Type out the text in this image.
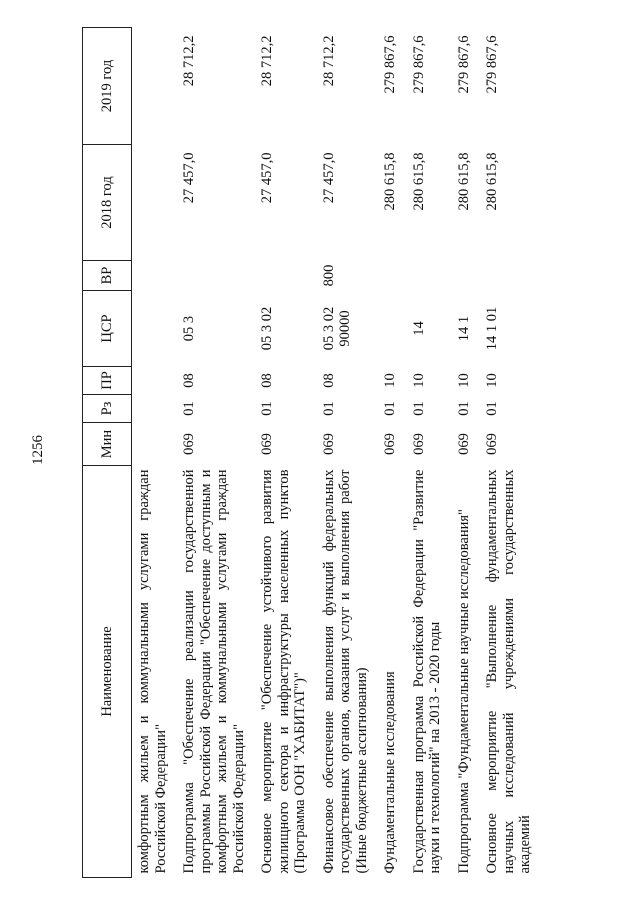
1256
Наименование	Мин	Рз	ПР	ЦСР	ВР	2018 год	2019 год
комфортным жильем и коммунальными услугами граждан Российской Федерации"							
Подпрограмма "Обеспечение реализации государственной программы Российской Федерации "Обеспечение доступным и комфортным жильем и коммунальными услугами граждан Российской Федерации"	069	01	08	05 3		27 457,0	28 712,2
Основное мероприятие "Обеспечение устойчивого развития жилищного сектора и инфраструктуры населенных пунктов (Программа ООН "ХАБИТАТ")"	069	01	08	05 3 02		27 457,0	28 712,2
Финансовое обеспечение выполнения функций федеральных государственных органов, оказания услуг и выполнения работ (Иные бюджетные ассигнования)	069	01	08	05 3 02 90000	800	27 457,0	28 712,2
Фундаментальные исследования	069	01	10			280 615,8	279 867,6
Государственная программа Российской Федерации "Развитие науки и технологий" на 2013 - 2020 годы	069	01	10	14		280 615,8	279 867,6
Подпрограмма "Фундаментальные научные исследования"	069	01	10	14 1		280 615,8	279 867,6
Основное мероприятие "Выполнение фундаментальных научных исследований учреждениями государственных академий	069	01	10	14 1 01		280 615,8	279 867,6
